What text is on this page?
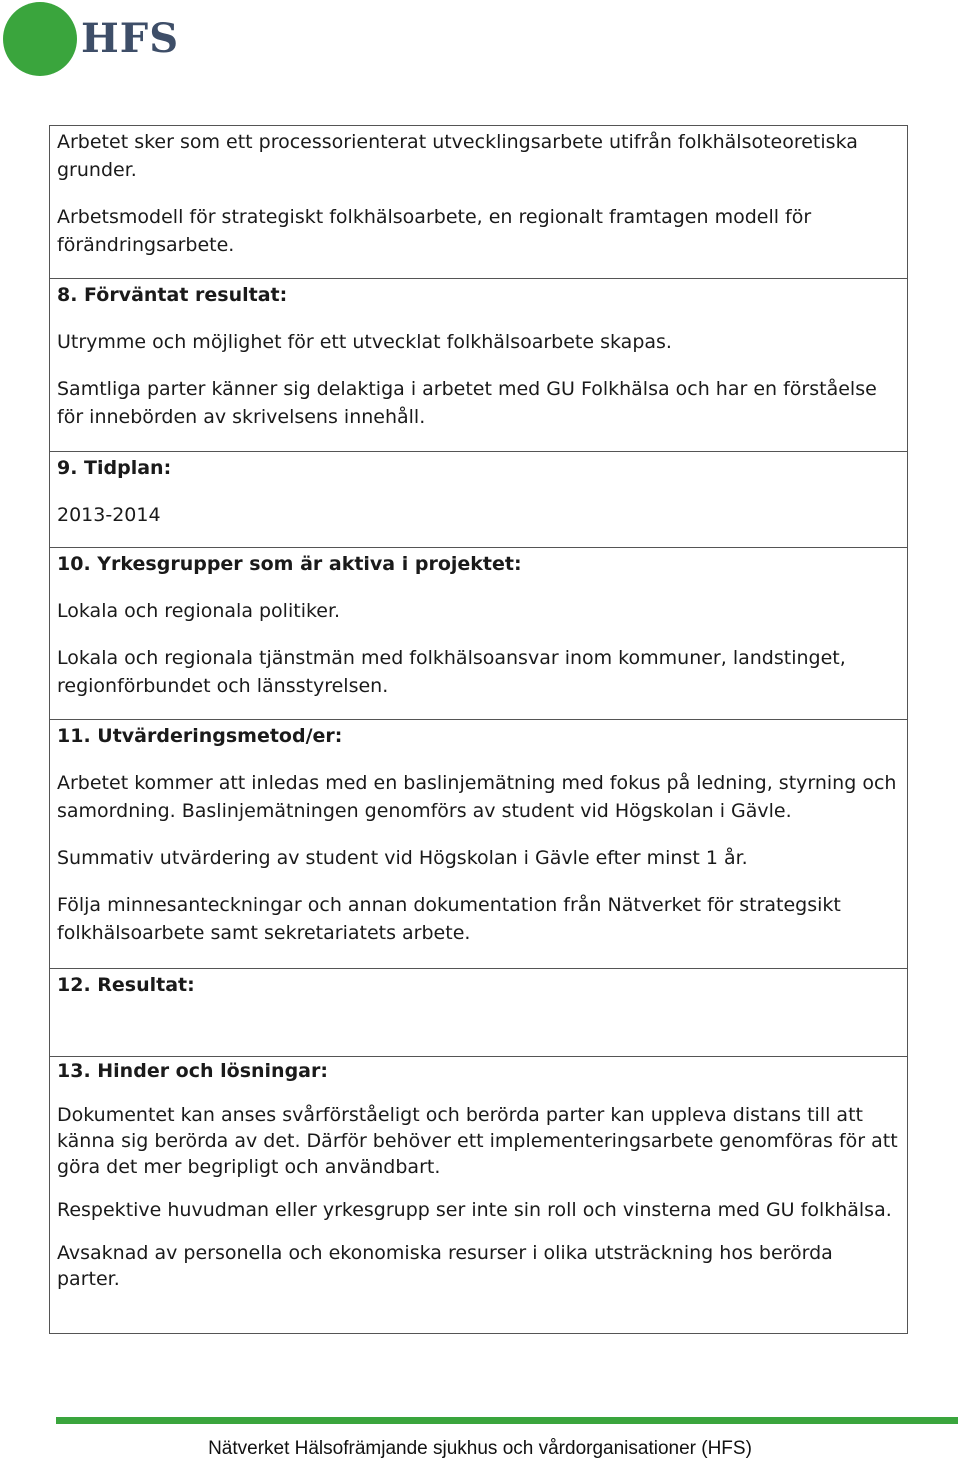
HFS

Arbetet sker som ett processorienterat utvecklingsarbete utifrån folkhälsoteoretiska grunder.

Arbetsmodell för strategiskt folkhälsoarbete, en regionalt framtagen modell för förändringsarbete.

8. Förväntat resultat:

Utrymme och möjlighet för ett utvecklat folkhälsoarbete skapas.

Samtliga parter känner sig delaktiga i arbetet med GU Folkhälsa och har en förståelse för innebörden av skrivelsens innehåll.

9. Tidplan:

2013-2014

10. Yrkesgrupper som är aktiva i projektet:

Lokala och regionala politiker.

Lokala och regionala tjänstmän med folkhälsoansvar inom kommuner, landstinget, regionförbundet och länsstyrelsen.

11. Utvärderingsmetod/er:

Arbetet kommer att inledas med en baslinjemätning med fokus på ledning, styrning och samordning. Baslinjemätningen genomförs av student vid Högskolan i Gävle.

Summativ utvärdering av student vid Högskolan i Gävle efter minst 1 år.

Följa minnesanteckningar och annan dokumentation från Nätverket för strategsikt folkhälsoarbete samt sekretariatets arbete.

12. Resultat:

13. Hinder och lösningar:

Dokumentet kan anses svårförståeligt och berörda parter kan uppleva distans till att känna sig berörda av det. Därför behöver ett implementeringsarbete genomföras för att göra det mer begripligt och användbart.

Respektive huvudman eller yrkesgrupp ser inte sin roll och vinsterna med GU folkhälsa.

Avsaknad av personella och ekonomiska resurser i olika utsträckning hos berörda parter.

Nätverket Hälsofrämjande sjukhus och vårdorganisationer (HFS)
